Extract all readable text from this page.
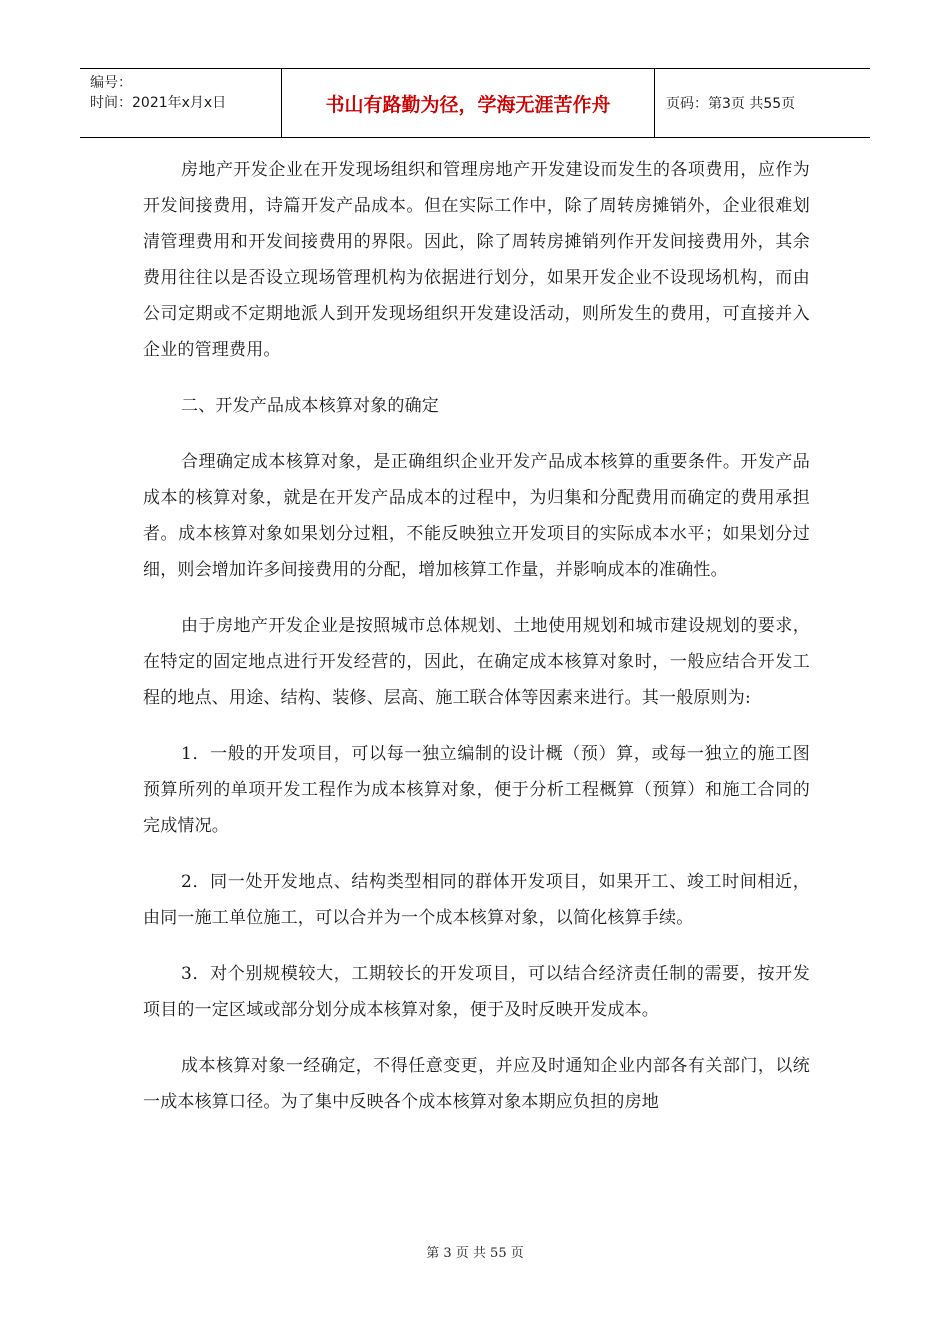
编号：
时间：2021年x月x日	书山有路勤为径，学海无涯苦作舟	页码：第3页 共55页

房地产开发企业在开发现场组织和管理房地产开发建设而发生的各项费用，应作为开发间接费用，诗篇开发产品成本。但在实际工作中，除了周转房摊销外，企业很难划清管理费用和开发间接费用的界限。因此，除了周转房摊销列作开发间接费用外，其余费用往往以是否设立现场管理机构为依据进行划分，如果开发企业不设现场机构，而由公司定期或不定期地派人到开发现场组织开发建设活动，则所发生的费用，可直接并入企业的管理费用。

二、开发产品成本核算对象的确定

合理确定成本核算对象，是正确组织企业开发产品成本核算的重要条件。开发产品成本的核算对象，就是在开发产品成本的过程中，为归集和分配费用而确定的费用承担者。成本核算对象如果划分过粗，不能反映独立开发项目的实际成本水平；如果划分过细，则会增加许多间接费用的分配，增加核算工作量，并影响成本的准确性。

由于房地产开发企业是按照城市总体规划、土地使用规划和城市建设规划的要求，在特定的固定地点进行开发经营的，因此，在确定成本核算对象时，一般应结合开发工程的地点、用途、结构、装修、层高、施工联合体等因素来进行。其一般原则为:

1．一般的开发项目，可以每一独立编制的设计概（预）算，或每一独立的施工图预算所列的单项开发工程作为成本核算对象，便于分析工程概算（预算）和施工合同的完成情况。

2．同一处开发地点、结构类型相同的群体开发项目，如果开工、竣工时间相近，由同一施工单位施工，可以合并为一个成本核算对象，以简化核算手续。

3．对个别规模较大，工期较长的开发项目，可以结合经济责任制的需要，按开发项目的一定区域或部分划分成本核算对象，便于及时反映开发成本。

成本核算对象一经确定，不得任意变更，并应及时通知企业内部各有关部门，以统一成本核算口径。为了集中反映各个成本核算对象本期应负担的房地

第 3 页 共 55 页
